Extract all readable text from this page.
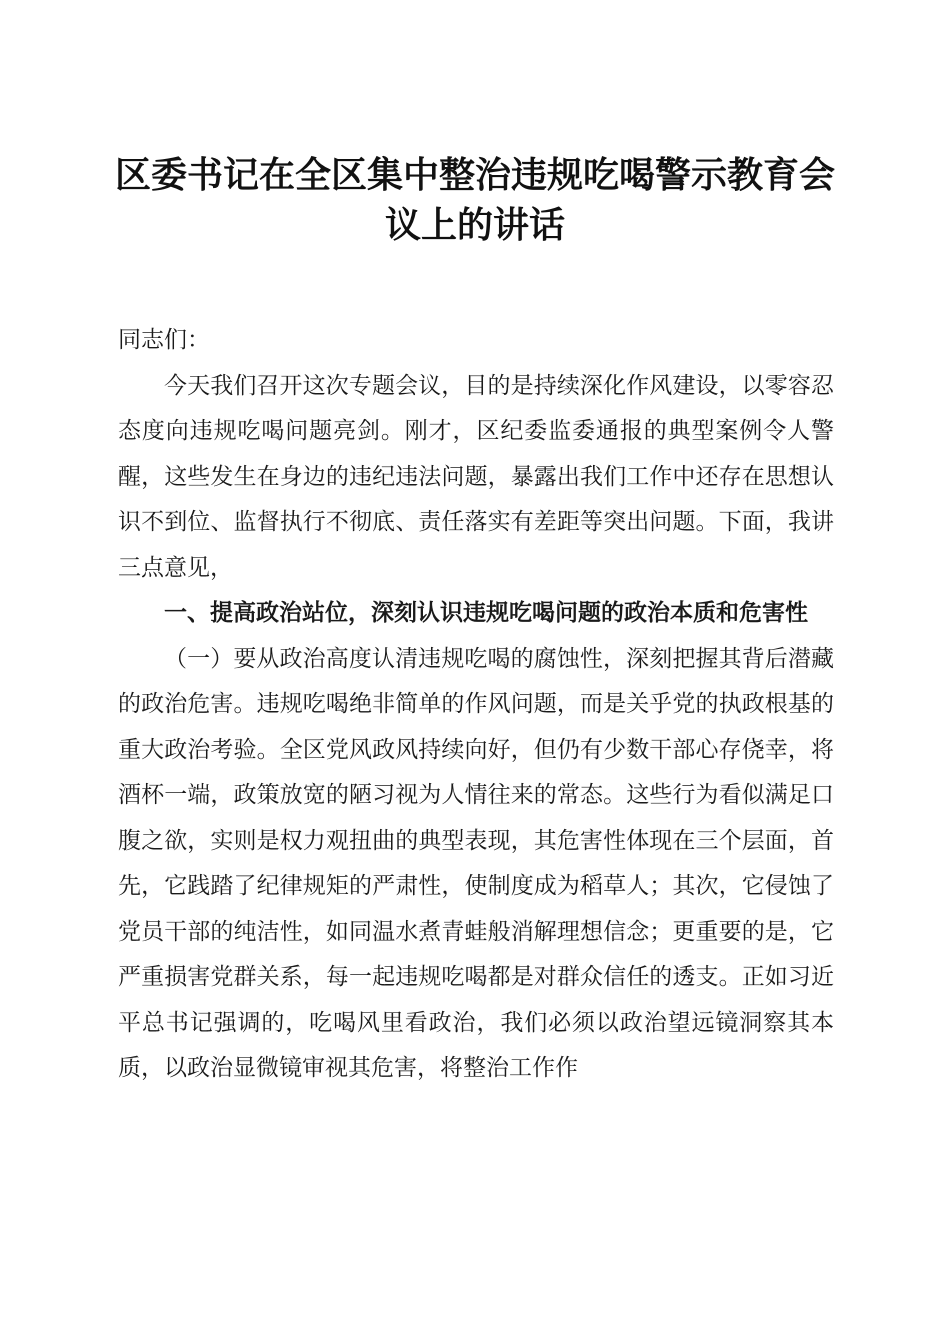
区委书记在全区集中整治违规吃喝警示教育会议上的讲话

同志们：

今天我们召开这次专题会议，目的是持续深化作风建设，以零容忍态度向违规吃喝问题亮剑。刚才，区纪委监委通报的典型案例令人警醒，这些发生在身边的违纪违法问题，暴露出我们工作中还存在思想认识不到位、监督执行不彻底、责任落实有差距等突出问题。下面，我讲三点意见，

一、提高政治站位，深刻认识违规吃喝问题的政治本质和危害性

（一）要从政治高度认清违规吃喝的腐蚀性，深刻把握其背后潜藏的政治危害。违规吃喝绝非简单的作风问题，而是关乎党的执政根基的重大政治考验。全区党风政风持续向好，但仍有少数干部心存侥幸，将酒杯一端，政策放宽的陋习视为人情往来的常态。这些行为看似满足口腹之欲，实则是权力观扭曲的典型表现，其危害性体现在三个层面，首先，它践踏了纪律规矩的严肃性，使制度成为稻草人；其次，它侵蚀了党员干部的纯洁性，如同温水煮青蛙般消解理想信念；更重要的是，它严重损害党群关系，每一起违规吃喝都是对群众信任的透支。正如习近平总书记强调的，吃喝风里看政治，我们必须以政治望远镜洞察其本质，以政治显微镜审视其危害，将整治工作作
